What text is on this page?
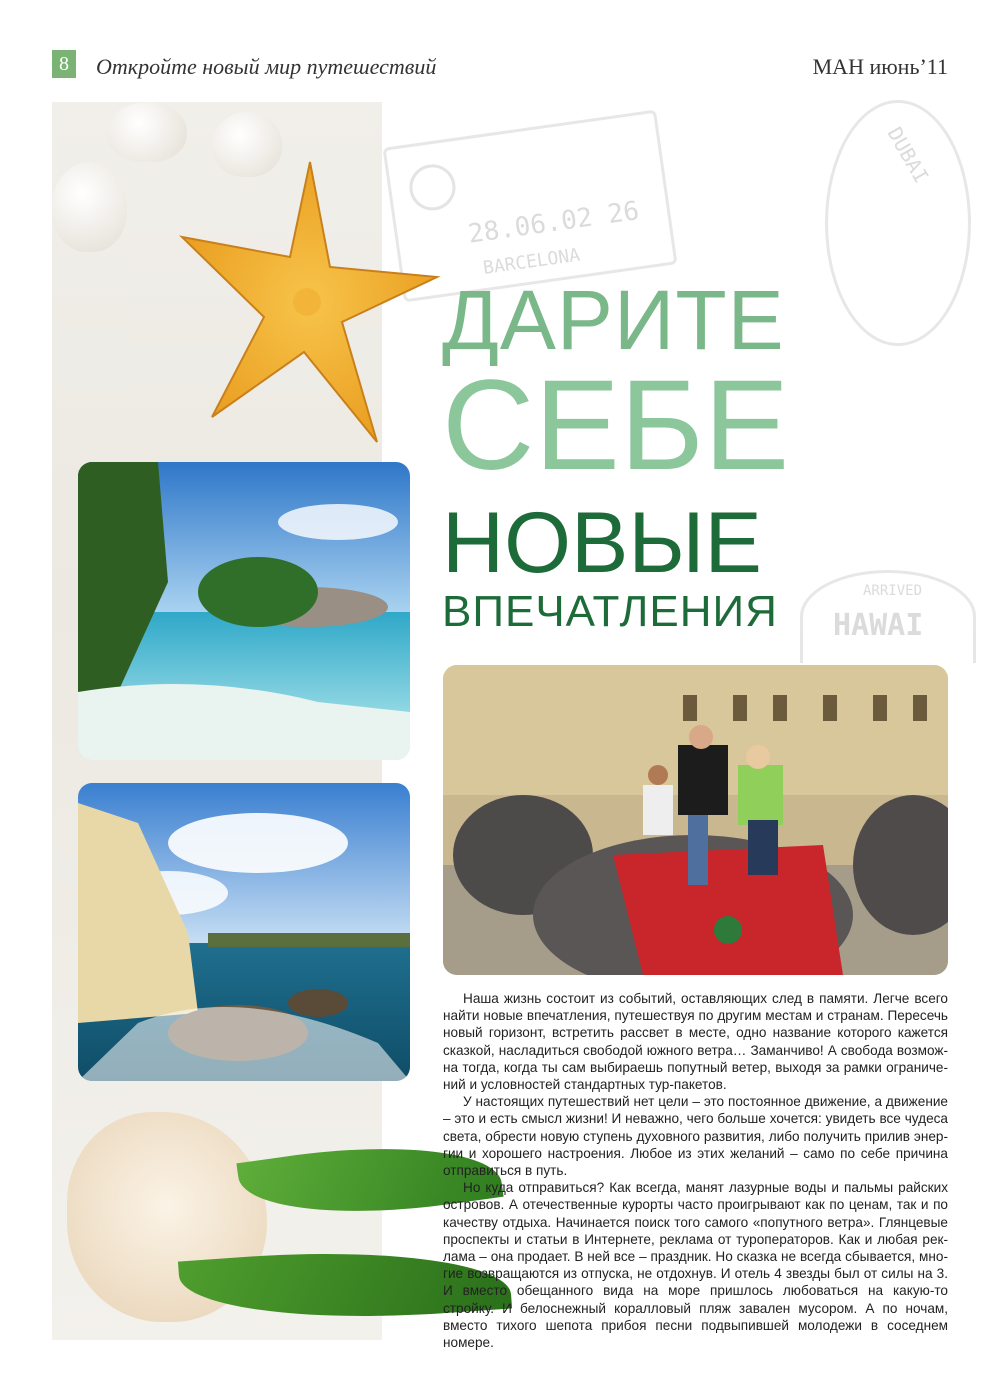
8	Откройте новый мир путешествий	МАН июнь’11
28.06.02 26
BARCELONA
DUBAI
ARRIVED
HAWAI
ДАРИТЕ
СЕБЕ
НОВЫЕ
ВПЕЧАТЛЕНИЯ

Наша жизнь состоит из событий, оставляющих след в памяти. Легче всего найти новые впечатления, путешествуя по другим местам и странам. Пересечь новый горизонт, встретить рассвет в месте, одно название которого кажется сказкой, насладиться свободой южного ветра… Заманчиво! А свобода возмож-на тогда, когда ты сам выбираешь попутный ветер, выходя за рамки ограниче-ний и условностей стандартных тур-пакетов.

У настоящих путешествий нет цели – это постоянное движение, а движение – это и есть смысл жизни! И неважно, чего больше хочется: увидеть все чудеса света, обрести новую ступень духовного развития, либо получить прилив энер-гии и хорошего настроения. Любое из этих желаний – само по себе причина отправиться в путь.

Но куда отправиться? Как всегда, манят лазурные воды и пальмы райских островов. А отечественные курорты часто проигрывают как по ценам, так и по качеству отдыха. Начинается поиск того самого «попутного ветра». Глянцевые проспекты и статьи в Интернете, реклама от туроператоров. Как и любая рек-лама – она продает. В ней все – праздник. Но сказка не всегда сбывается, мно-гие возвращаются из отпуска, не отдохнув. И отель 4 звезды был от силы на 3. И вместо обещанного вида на море пришлось любоваться на какую-то стройку. И белоснежный коралловый пляж завален мусором. А по ночам, вместо тихого шепота прибоя песни подвыпившей молодежи в соседнем номере.
